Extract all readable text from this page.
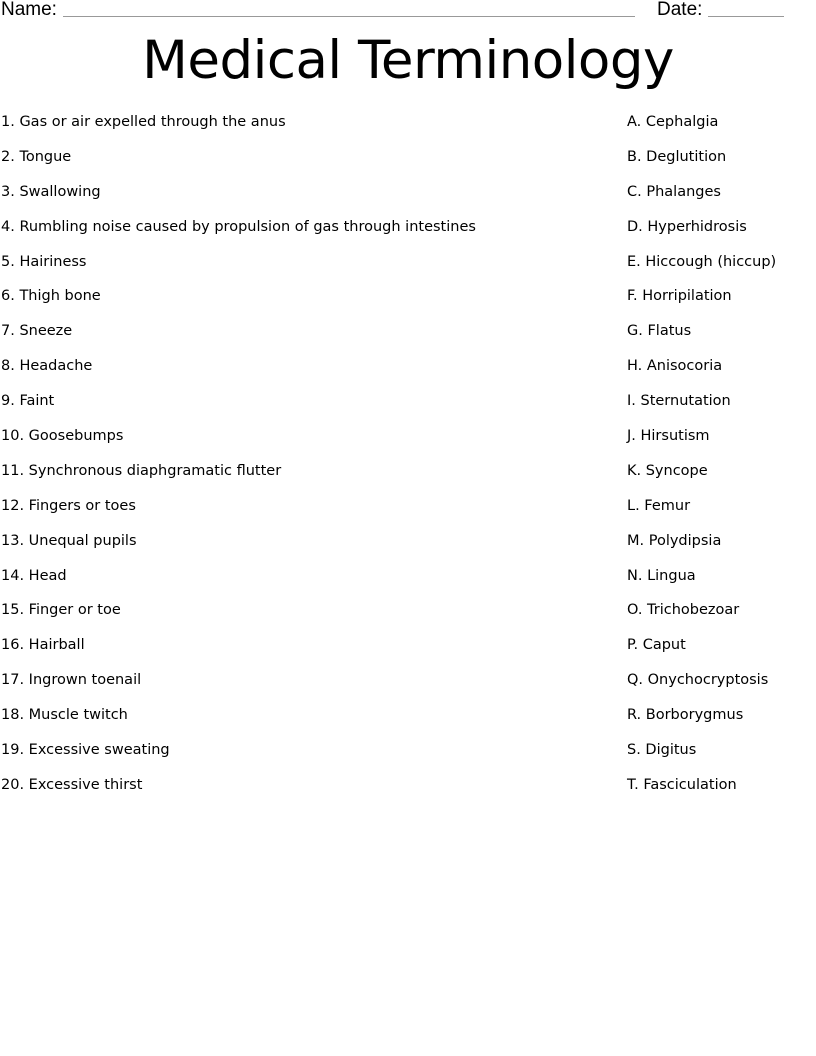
Name:	Date:
Medical Terminology
1. Gas or air expelled through the anus
2. Tongue
3. Swallowing
4. Rumbling noise caused by propulsion of gas through intestines
5. Hairiness
6. Thigh bone
7. Sneeze
8. Headache
9. Faint
10. Goosebumps
11. Synchronous diaphgramatic flutter
12. Fingers or toes
13. Unequal pupils
14. Head
15. Finger or toe
16. Hairball
17. Ingrown toenail
18. Muscle twitch
19. Excessive sweating
20. Excessive thirst
A. Cephalgia
B. Deglutition
C. Phalanges
D. Hyperhidrosis
E. Hiccough (hiccup)
F. Horripilation
G. Flatus
H. Anisocoria
I. Sternutation
J. Hirsutism
K. Syncope
L. Femur
M. Polydipsia
N. Lingua
O. Trichobezoar
P. Caput
Q. Onychocryptosis
R. Borborygmus
S. Digitus
T. Fasciculation
